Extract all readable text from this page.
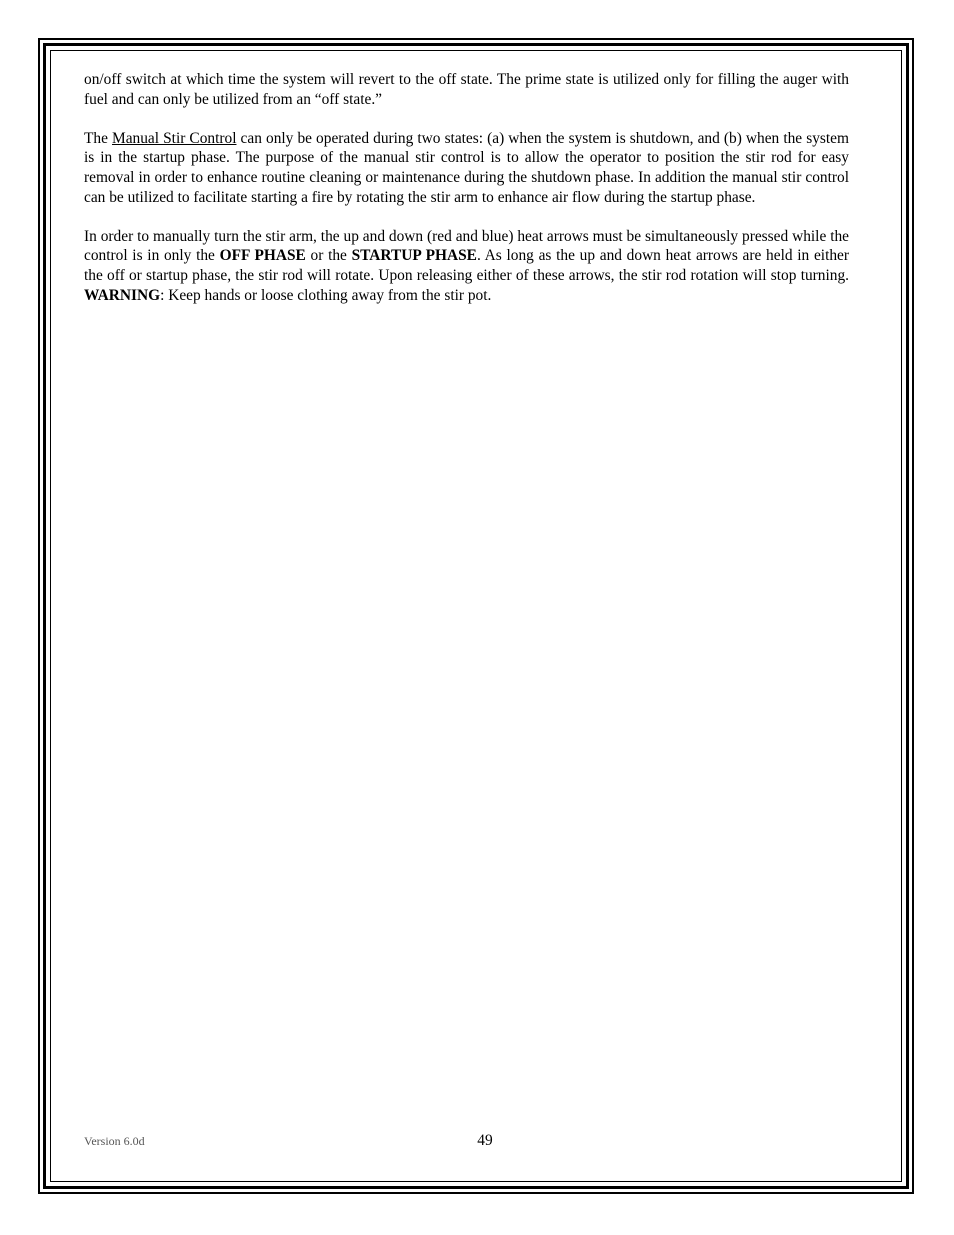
on/off switch at which time the system will revert to the off state. The prime state is utilized only for filling the auger with fuel and can only be utilized from an “off state.”

The Manual Stir Control can only be operated during two states: (a) when the system is shutdown, and (b) when the system is in the startup phase. The purpose of the manual stir control is to allow the operator to position the stir rod for easy removal in order to enhance routine cleaning or maintenance during the shutdown phase. In addition the manual stir control can be utilized to facilitate starting a fire by rotating the stir arm to enhance air flow during the startup phase.

In order to manually turn the stir arm, the up and down (red and blue) heat arrows must be simultaneously pressed while the control is in only the OFF PHASE or the STARTUP PHASE. As long as the up and down heat arrows are held in either the off or startup phase, the stir rod will rotate. Upon releasing either of these arrows, the stir rod rotation will stop turning. WARNING: Keep hands or loose clothing away from the stir pot.

Version 6.0d	49
